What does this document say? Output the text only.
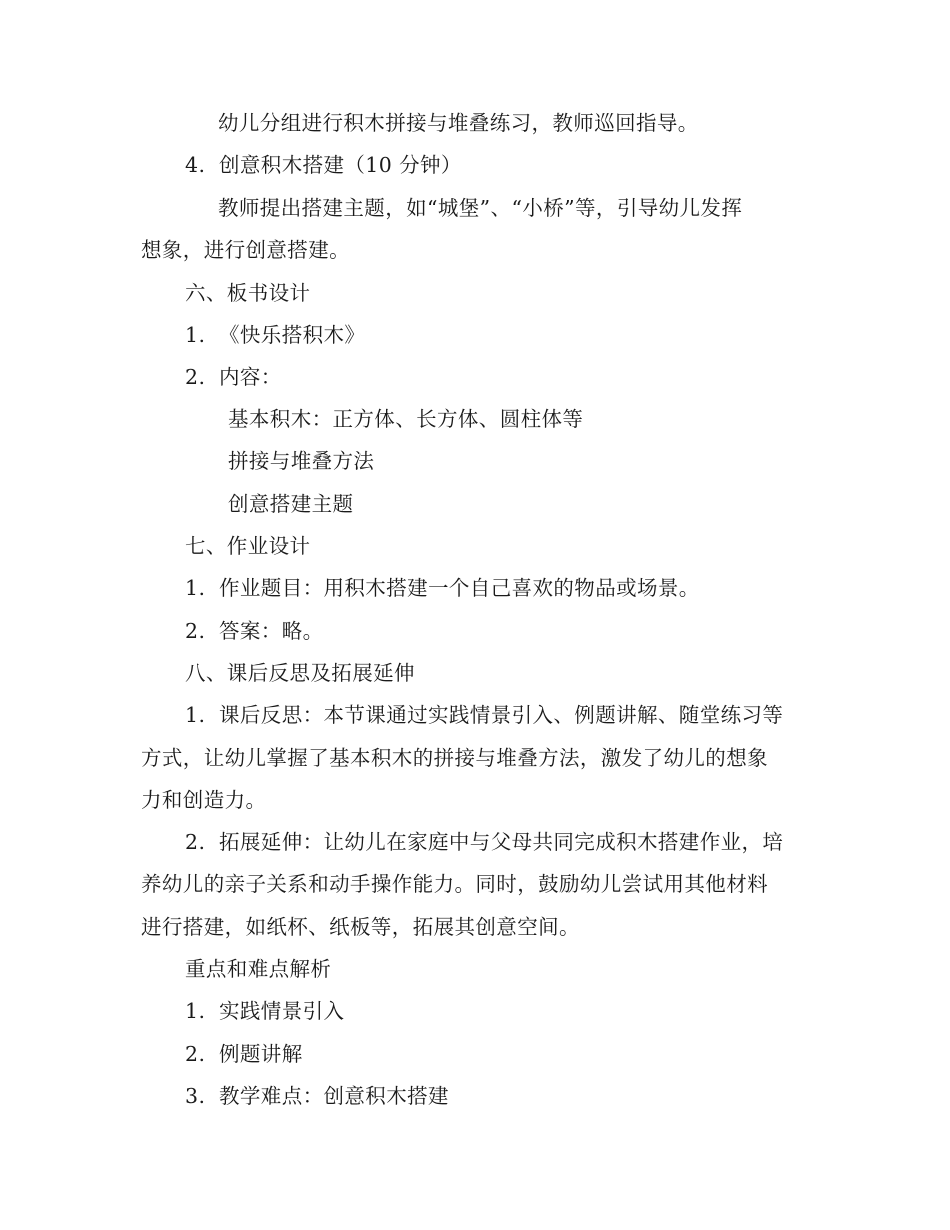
幼儿分组进行积木拼接与堆叠练习，教师巡回指导。
4. 创意积木搭建（10 分钟）
教师提出搭建主题，如“城堡”、“小桥”等，引导幼儿发挥
想象，进行创意搭建。
六、板书设计
1. 《快乐搭积木》
2. 内容：
基本积木：正方体、长方体、圆柱体等
拼接与堆叠方法
创意搭建主题
七、作业设计
1. 作业题目：用积木搭建一个自己喜欢的物品或场景。
2. 答案：略。
八、课后反思及拓展延伸
1. 课后反思：本节课通过实践情景引入、例题讲解、随堂练习等
方式，让幼儿掌握了基本积木的拼接与堆叠方法，激发了幼儿的想象
力和创造力。
2. 拓展延伸：让幼儿在家庭中与父母共同完成积木搭建作业，培
养幼儿的亲子关系和动手操作能力。同时，鼓励幼儿尝试用其他材料
进行搭建，如纸杯、纸板等，拓展其创意空间。
重点和难点解析
1. 实践情景引入
2. 例题讲解
3. 教学难点：创意积木搭建
